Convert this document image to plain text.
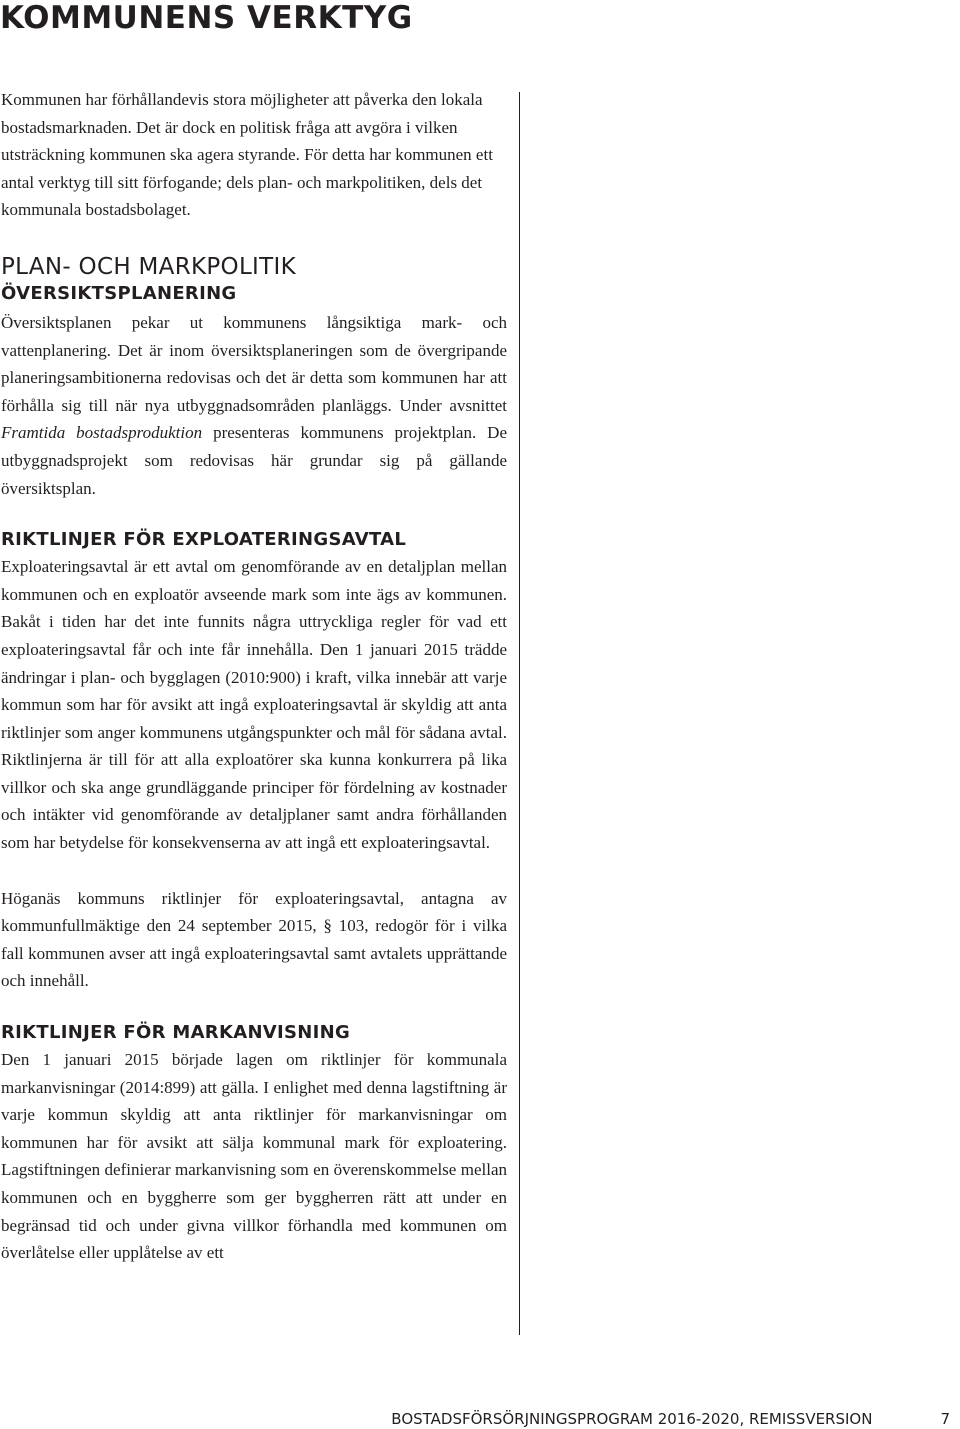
KOMMUNENS VERKTYG

Kommunen har förhållandevis stora möjligheter att påverka den lokala bostadsmarknaden. Det är dock en politisk fråga att avgöra i vilken utsträckning kommunen ska agera styrande. För detta har kommunen ett antal verktyg till sitt förfogande; dels plan- och markpolitiken, dels det kommunala bostadsbolaget.

PLAN- OCH MARKPOLITIK
ÖVERSIKTSPLANERING

Översiktsplanen pekar ut kommunens långsiktiga mark- och vattenplanering. Det är inom översiktsplaneringen som de övergripande planeringsambitionerna redovisas och det är detta som kommunen har att förhålla sig till när nya utbyggnadsområden planläggs. Under avsnittet Framtida bostadsproduktion presenteras kommunens projektplan. De utbyggnadsprojekt som redovisas här grundar sig på gällande översiktsplan.

RIKTLINJER FÖR EXPLOATERINGSAVTAL

Exploateringsavtal är ett avtal om genomförande av en detaljplan mellan kommunen och en exploatör avseende mark som inte ägs av kommunen. Bakåt i tiden har det inte funnits några uttryckliga regler för vad ett exploateringsavtal får och inte får innehålla. Den 1 januari 2015 trädde ändringar i plan- och bygglagen (2010:900) i kraft, vilka innebär att varje kommun som har för avsikt att ingå exploateringsavtal är skyldig att anta riktlinjer som anger kommunens utgångspunkter och mål för sådana avtal. Riktlinjerna är till för att alla exploatörer ska kunna konkurrera på lika villkor och ska ange grundläggande principer för fördelning av kostnader och intäkter vid genomförande av detaljplaner samt andra förhållanden som har betydelse för konsekvenserna av att ingå ett exploateringsavtal.

Höganäs kommuns riktlinjer för exploateringsavtal, antagna av kommunfullmäktige den 24 september 2015, § 103, redogör för i vilka fall kommunen avser att ingå exploateringsavtal samt avtalets upprättande och innehåll.

RIKTLINJER FÖR MARKANVISNING

Den 1 januari 2015 började lagen om riktlinjer för kommunala markanvisningar (2014:899) att gälla. I enlighet med denna lagstiftning är varje kommun skyldig att anta riktlinjer för markanvisningar om kommunen har för avsikt att sälja kommunal mark för exploatering. Lagstiftningen definierar markanvisning som en överenskommelse mellan kommunen och en byggherre som ger byggherren rätt att under en begränsad tid och under givna villkor förhandla med kommunen om överlåtelse eller upplåtelse av ett

BOSTADSFÖRSÖRJNINGSPROGRAM 2016-2020, REMISSVERSION	7
